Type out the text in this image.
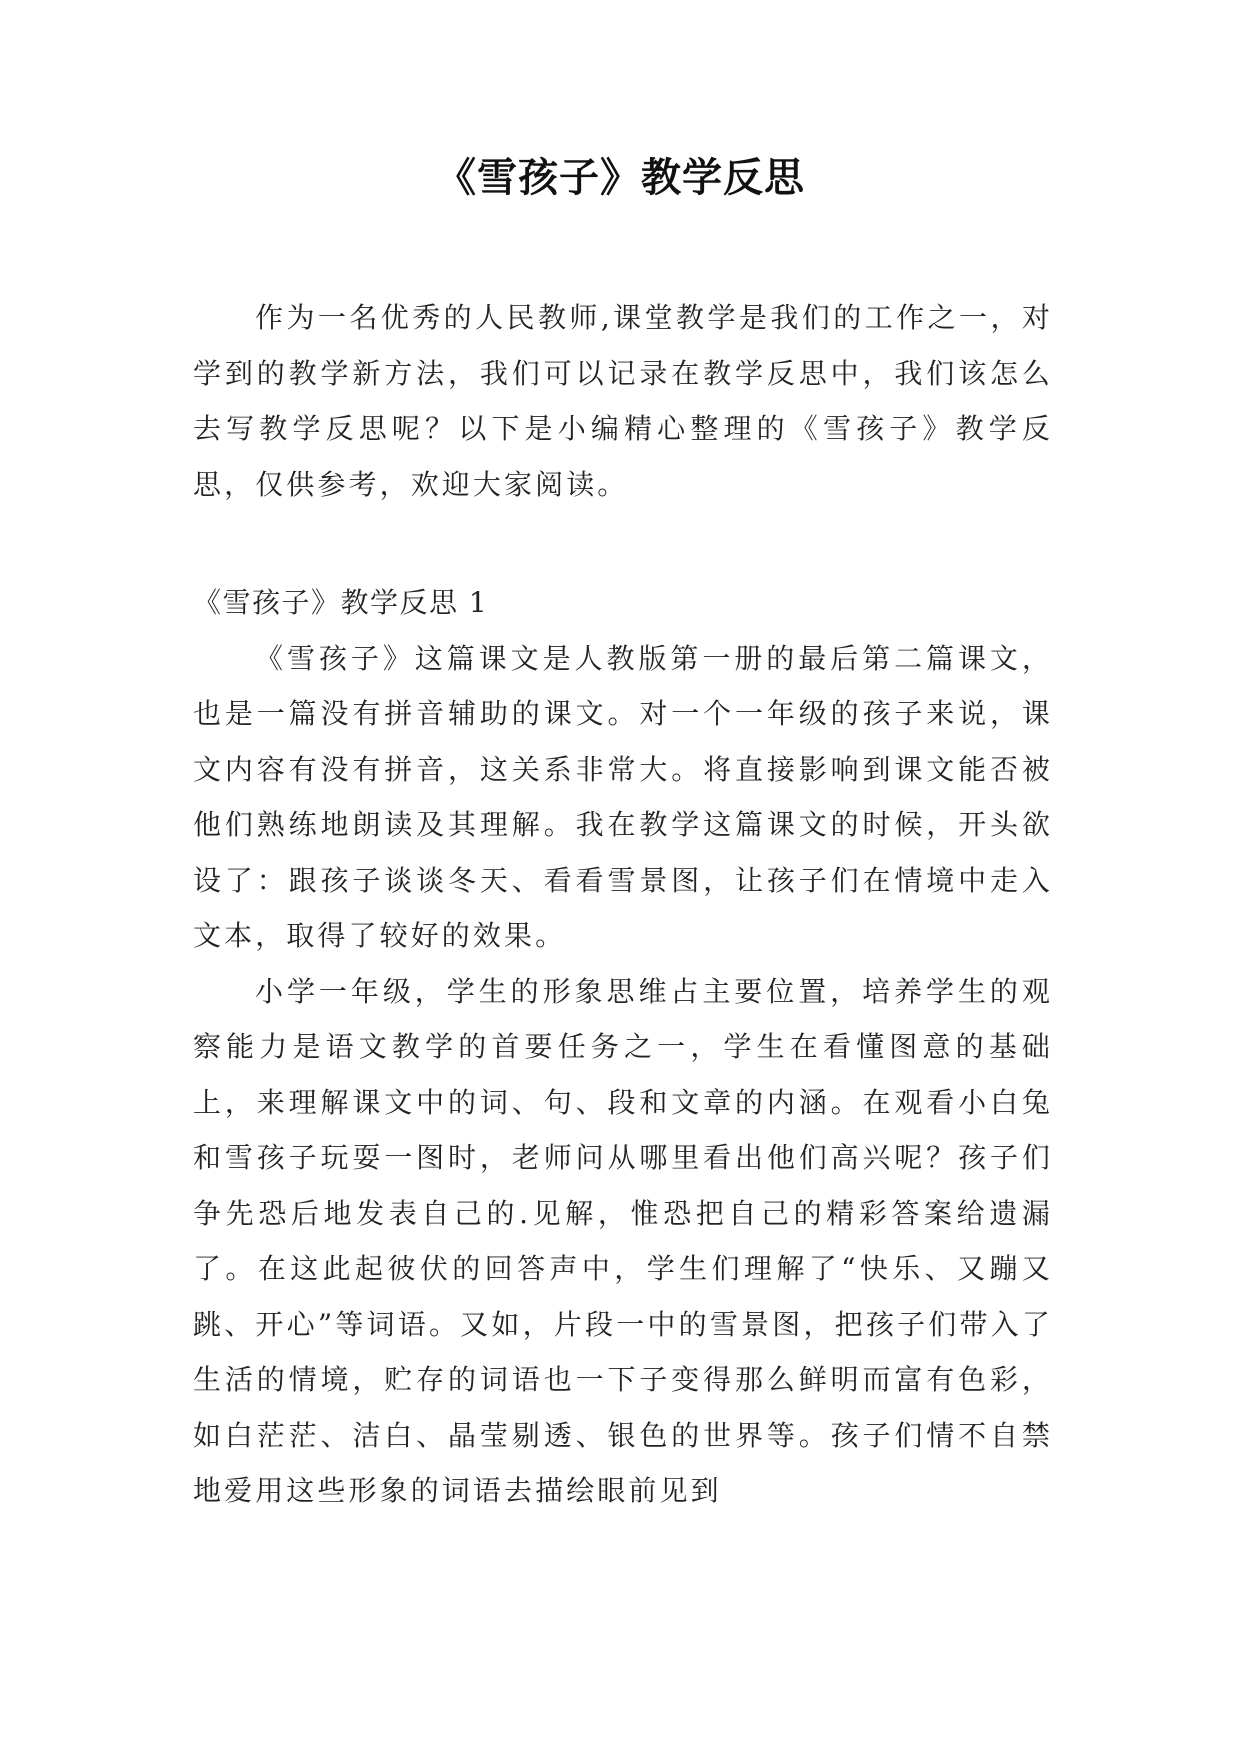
《雪孩子》教学反思

作为一名优秀的人民教师,课堂教学是我们的工作之一，对学到的教学新方法，我们可以记录在教学反思中，我们该怎么去写教学反思呢？以下是小编精心整理的《雪孩子》教学反思，仅供参考，欢迎大家阅读。

《雪孩子》教学反思 1

《雪孩子》这篇课文是人教版第一册的最后第二篇课文，也是一篇没有拼音辅助的课文。对一个一年级的孩子来说，课文内容有没有拼音，这关系非常大。将直接影响到课文能否被他们熟练地朗读及其理解。我在教学这篇课文的时候，开头欲设了：跟孩子谈谈冬天、看看雪景图，让孩子们在情境中走入文本，取得了较好的效果。

小学一年级，学生的形象思维占主要位置，培养学生的观察能力是语文教学的首要任务之一，学生在看懂图意的基础上，来理解课文中的词、句、段和文章的内涵。在观看小白兔和雪孩子玩耍一图时，老师问从哪里看出他们高兴呢？孩子们争先恐后地发表自己的.见解，惟恐把自己的精彩答案给遗漏了。在这此起彼伏的回答声中，学生们理解了“快乐、又蹦又跳、开心”等词语。又如，片段一中的雪景图，把孩子们带入了生活的情境，贮存的词语也一下子变得那么鲜明而富有色彩，如白茫茫、洁白、晶莹剔透、银色的世界等。孩子们情不自禁地爱用这些形象的词语去描绘眼前见到
